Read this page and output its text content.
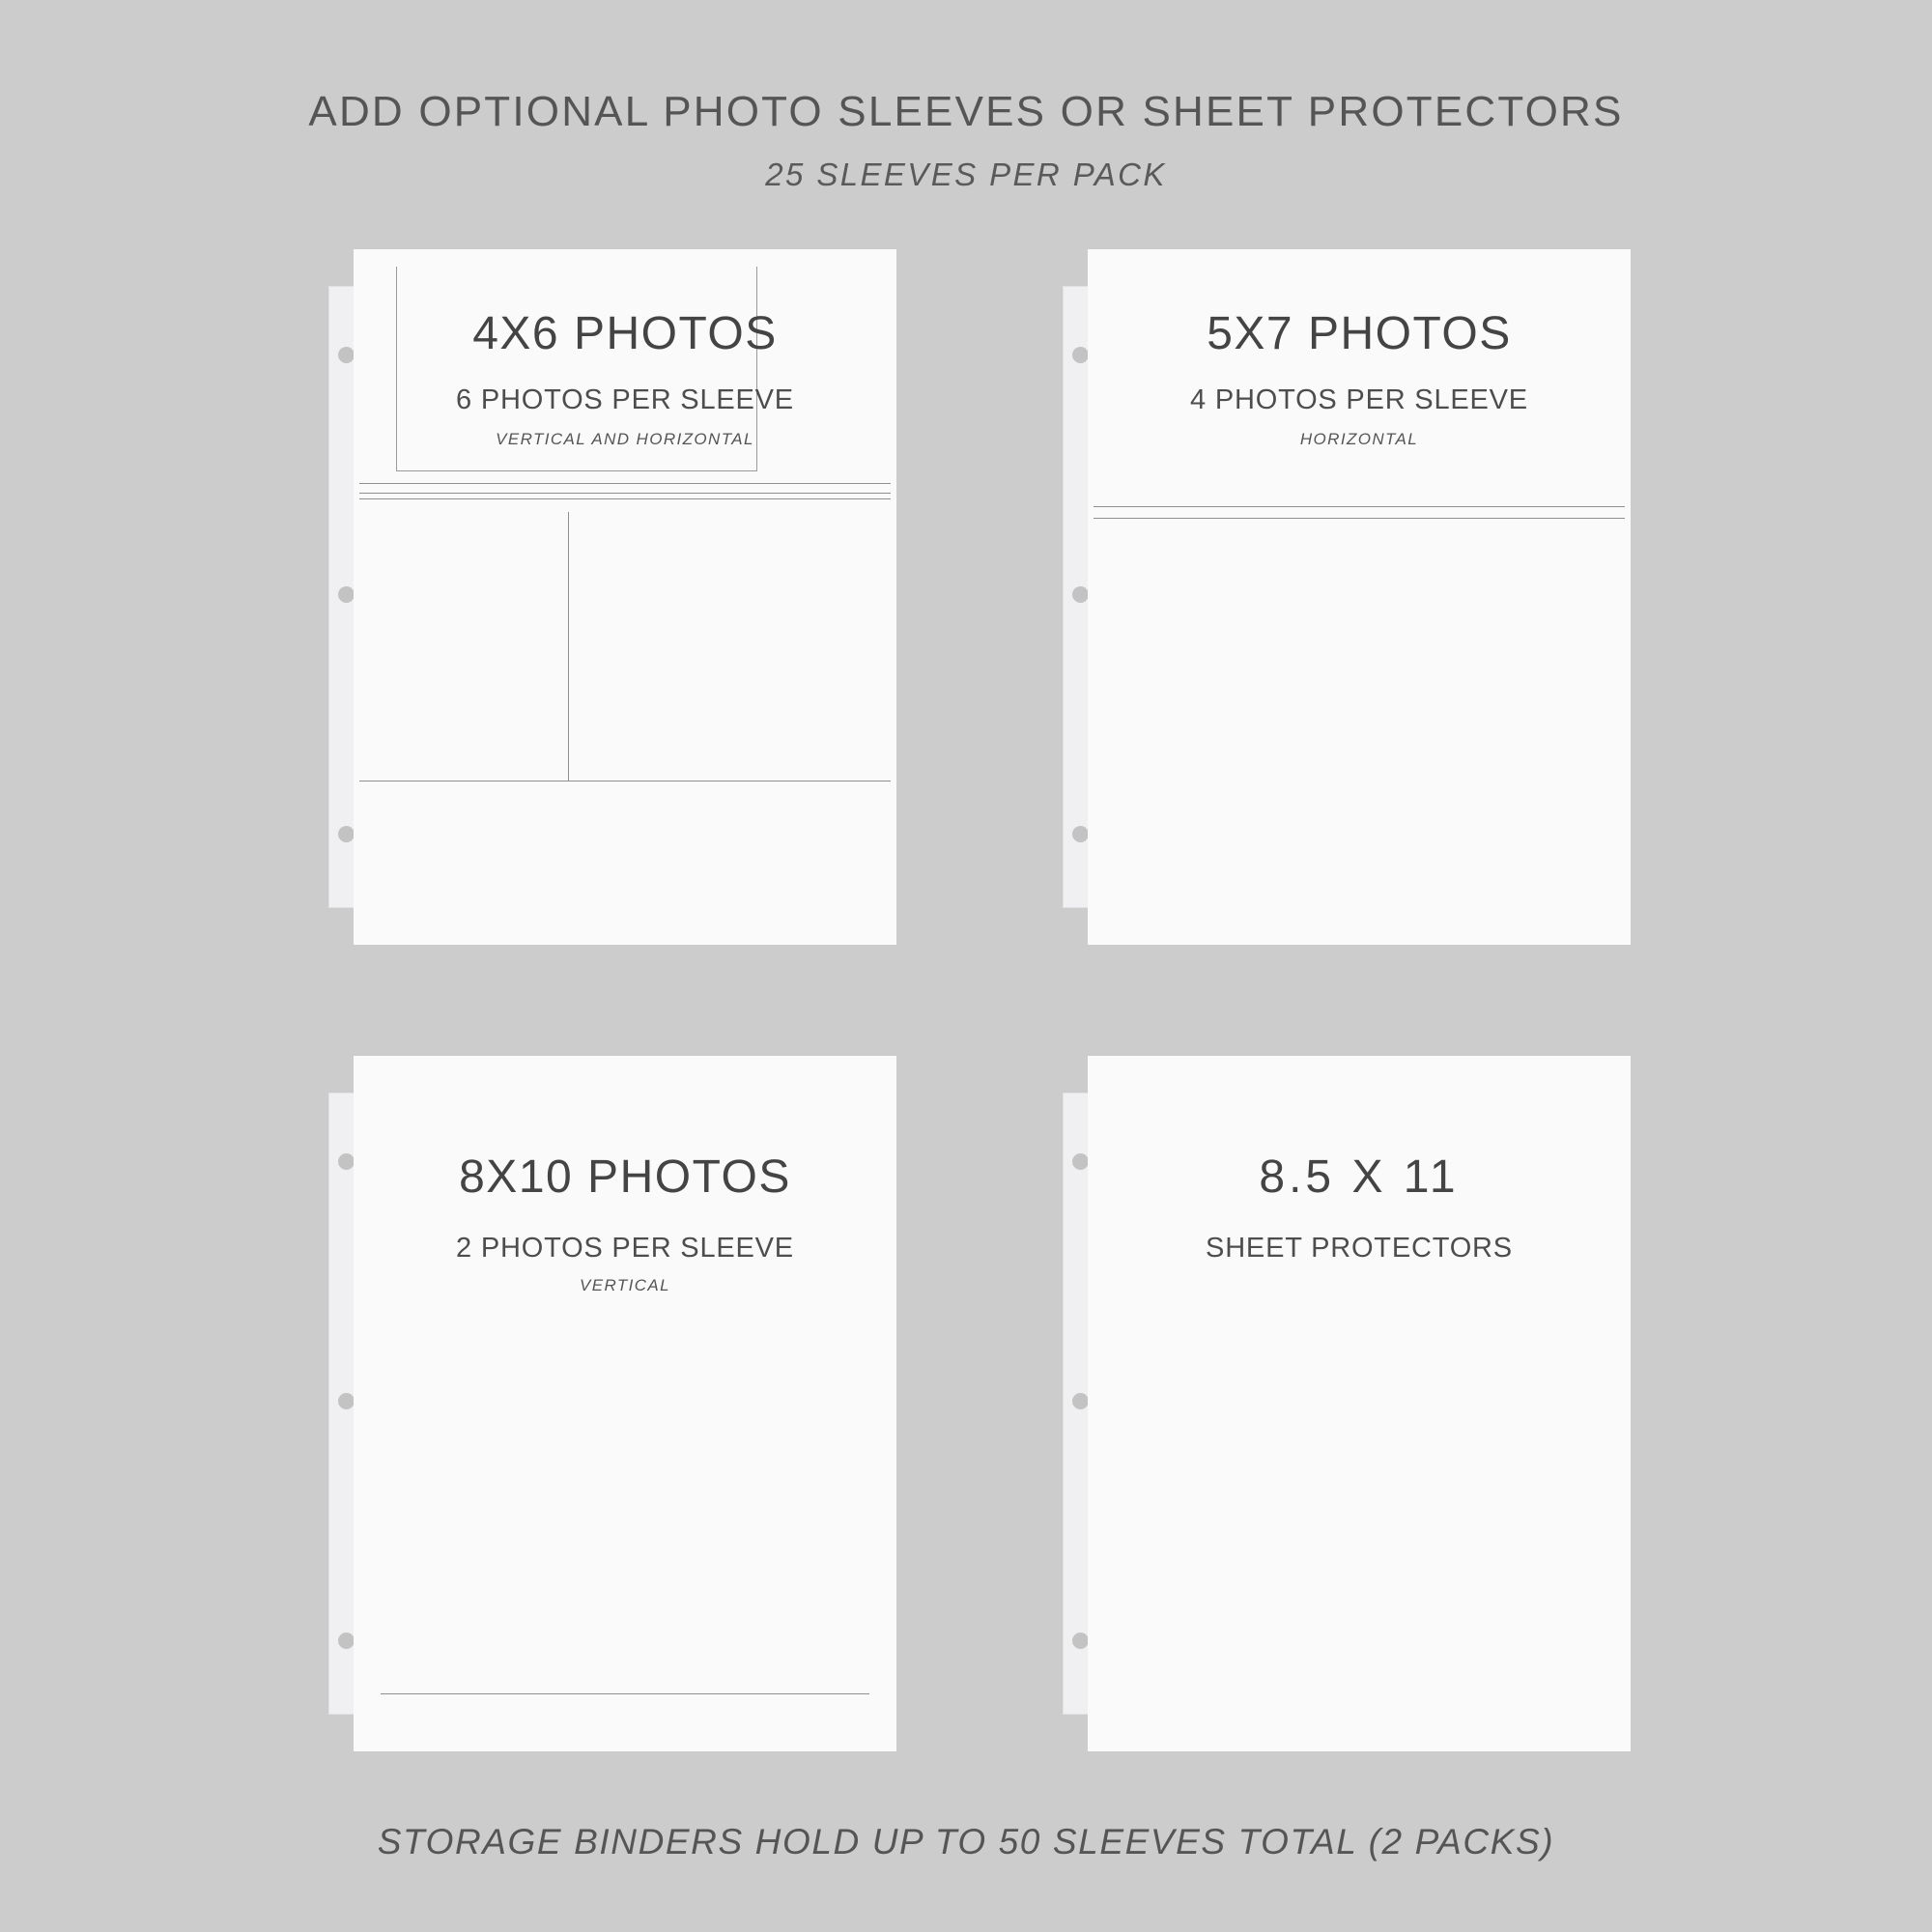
ADD OPTIONAL PHOTO SLEEVES OR SHEET PROTECTORS
25 SLEEVES PER PACK
4X6 PHOTOS
6 PHOTOS PER SLEEVE
VERTICAL AND HORIZONTAL
5X7 PHOTOS
4 PHOTOS PER SLEEVE
HORIZONTAL
8X10 PHOTOS
2 PHOTOS PER SLEEVE
VERTICAL
8.5 X 11
SHEET PROTECTORS
STORAGE BINDERS HOLD UP TO 50 SLEEVES TOTAL (2 PACKS)
